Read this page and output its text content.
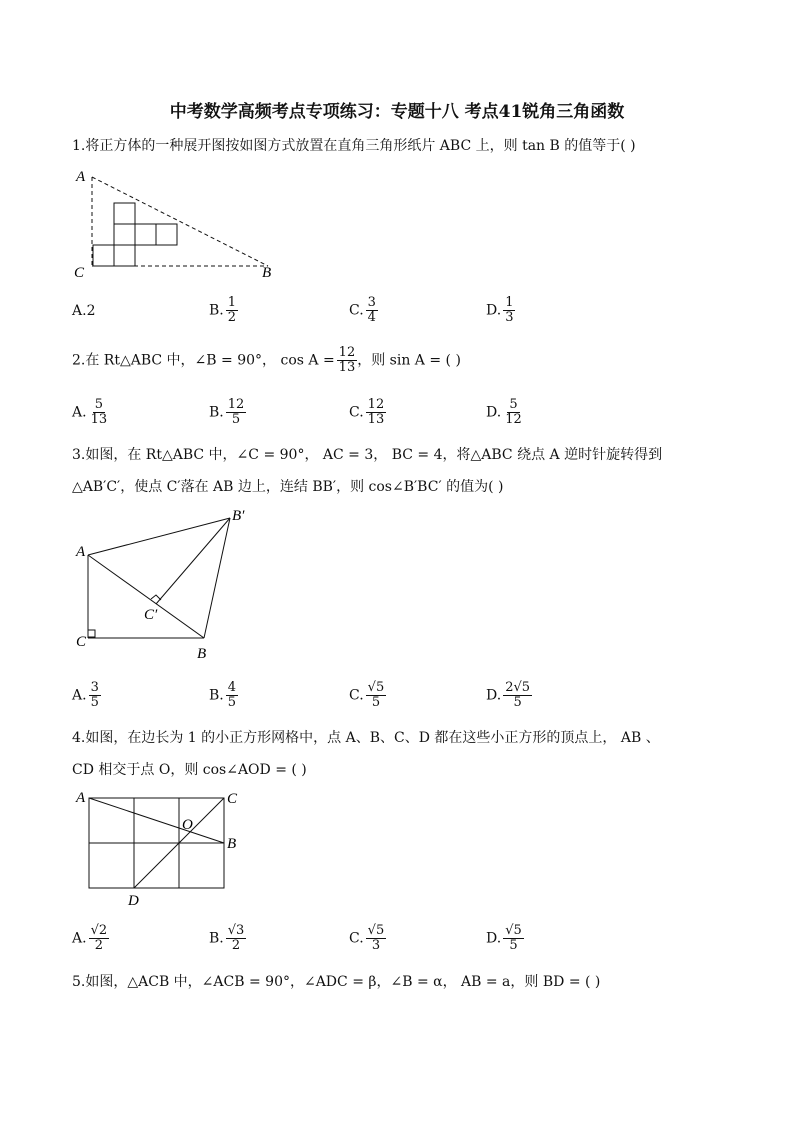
中考数学高频考点专项练习：专题十八 考点41锐角三角函数
1.将正方体的一种展开图按如图方式放置在直角三角形纸片 ABC 上，则 tan B 的值等于( )
A
C	B
A.2	B. $\frac{1}{2}$	C. $\frac{3}{4}$	D. $\frac{1}{3}$
2.在 Rt△ABC 中，∠B = 90°， $\cos A = \frac{12}{13}$ ，则 sin A = ( )
A. $\frac{5}{13}$	B. $\frac{12}{5}$	C. $\frac{12}{13}$	D. $\frac{5}{12}$
3.如图，在 Rt△ABC 中，∠C = 90°， AC = 3， BC = 4，将△ABC 绕点 A 逆时针旋转得到
△AB′C′，使点 C′落在 AB 边上，连结 BB′，则 cos∠B′BC′ 的值为( )
A
C
B
B′
C′
A. $\frac{3}{5}$	B. $\frac{4}{5}$	C. $\frac{√5}{5}$	D. $\frac{2√5}{5}$
4.如图，在边长为 1 的小正方形网格中，点 A、B、C、D 都在这些小正方形的顶点上， AB 、
CD 相交于点 O，则 cos∠AOD = ( )
A	C
B
D
O
A. $\frac{√2}{2}$	B. $\frac{√3}{2}$	C. $\frac{√5}{3}$	D. $\frac{√5}{5}$
5.如图，△ACB 中，∠ACB = 90°，∠ADC = β，∠B = α， AB = a，则 BD = ( )
